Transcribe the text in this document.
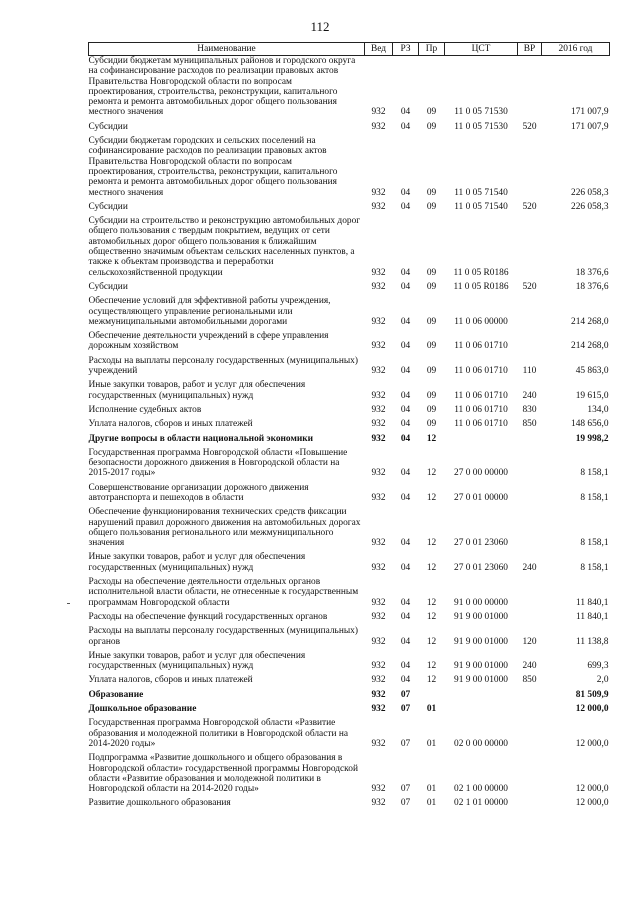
112
Наименование	Вед	РЗ	Пр	ЦСТ	ВР	2016 год
Субсидии бюджетам муниципальных районов и городского округа на софинансирование расходов по реализации правовых актов Правительства Новгородской области по вопросам проектирования, строительства, реконструкции, капитального ремонта и ремонта автомобильных дорог общего пользования местного значения	932	04	09	11 0 05 71530		171 007,9
Субсидии	932	04	09	11 0 05 71530	520	171 007,9
Субсидии бюджетам городских и сельских поселений на софинансирование расходов по реализации правовых актов Правительства Новгородской области по вопросам проектирования, строительства, реконструкции, капитального ремонта и ремонта автомобильных дорог общего пользования местного значения	932	04	09	11 0 05 71540		226 058,3
Субсидии	932	04	09	11 0 05 71540	520	226 058,3
Субсидии на строительство и реконструкцию автомобильных дорог общего пользования с твердым покрытием, ведущих от сети автомобильных дорог общего пользования к ближайшим общественно значимым объектам сельских населенных пунктов, а также к объектам производства и переработки сельскохозяйственной продукции	932	04	09	11 0 05 R0186		18 376,6
Субсидии	932	04	09	11 0 05 R0186	520	18 376,6
Обеспечение условий для эффективной работы учреждения, осуществляющего управление региональными или межмуниципальными автомобильными дорогами	932	04	09	11 0 06 00000		214 268,0
Обеспечение деятельности учреждений в сфере управления дорожным хозяйством	932	04	09	11 0 06 01710		214 268,0
Расходы на выплаты персоналу государственных (муниципальных) учреждений	932	04	09	11 0 06 01710	110	45 863,0
Иные закупки товаров, работ и услуг для обеспечения государственных (муниципальных) нужд	932	04	09	11 0 06 01710	240	19 615,0
Исполнение судебных актов	932	04	09	11 0 06 01710	830	134,0
Уплата налогов, сборов и иных платежей	932	04	09	11 0 06 01710	850	148 656,0
Другие вопросы в области национальной экономики	932	04	12			19 998,2
Государственная программа Новгородской области «Повышение безопасности дорожного движения в Новгородской области на 2015-2017 годы»	932	04	12	27 0 00 00000		8 158,1
Совершенствование организации дорожного движения автотранспорта и пешеходов в области	932	04	12	27 0 01 00000		8 158,1
Обеспечение функционирования технических средств фиксации нарушений правил дорожного движения на автомобильных дорогах общего пользования регионального или межмуниципального значения	932	04	12	27 0 01 23060		8 158,1
Иные закупки товаров, работ и услуг для обеспечения государственных (муниципальных) нужд	932	04	12	27 0 01 23060	240	8 158,1
Расходы на обеспечение деятельности отдельных органов исполнительной власти области, не отнесенные к государственным программам Новгородской области	932	04	12	91 0 00 00000		11 840,1
Расходы на обеспечение функций государственных органов	932	04	12	91 9 00 01000		11 840,1
Расходы на выплаты персоналу государственных (муниципальных) органов	932	04	12	91 9 00 01000	120	11 138,8
Иные закупки товаров, работ и услуг для обеспечения государственных (муниципальных) нужд	932	04	12	91 9 00 01000	240	699,3
Уплата налогов, сборов и иных платежей	932	04	12	91 9 00 01000	850	2,0
Образование	932	07				81 509,9
Дошкольное образование	932	07	01			12 000,0
Государственная программа Новгородской области «Развитие образования и молодежной политики в Новгородской области на 2014-2020 годы»	932	07	01	02 0 00 00000		12 000,0
Подпрограмма «Развитие дошкольного и общего образования в Новгородской области» государственной программы Новгородской области «Развитие образования и молодежной политики в Новгородской области на 2014-2020 годы»	932	07	01	02 1 00 00000		12 000,0
Развитие дошкольного образования	932	07	01	02 1 01 00000		12 000,0
